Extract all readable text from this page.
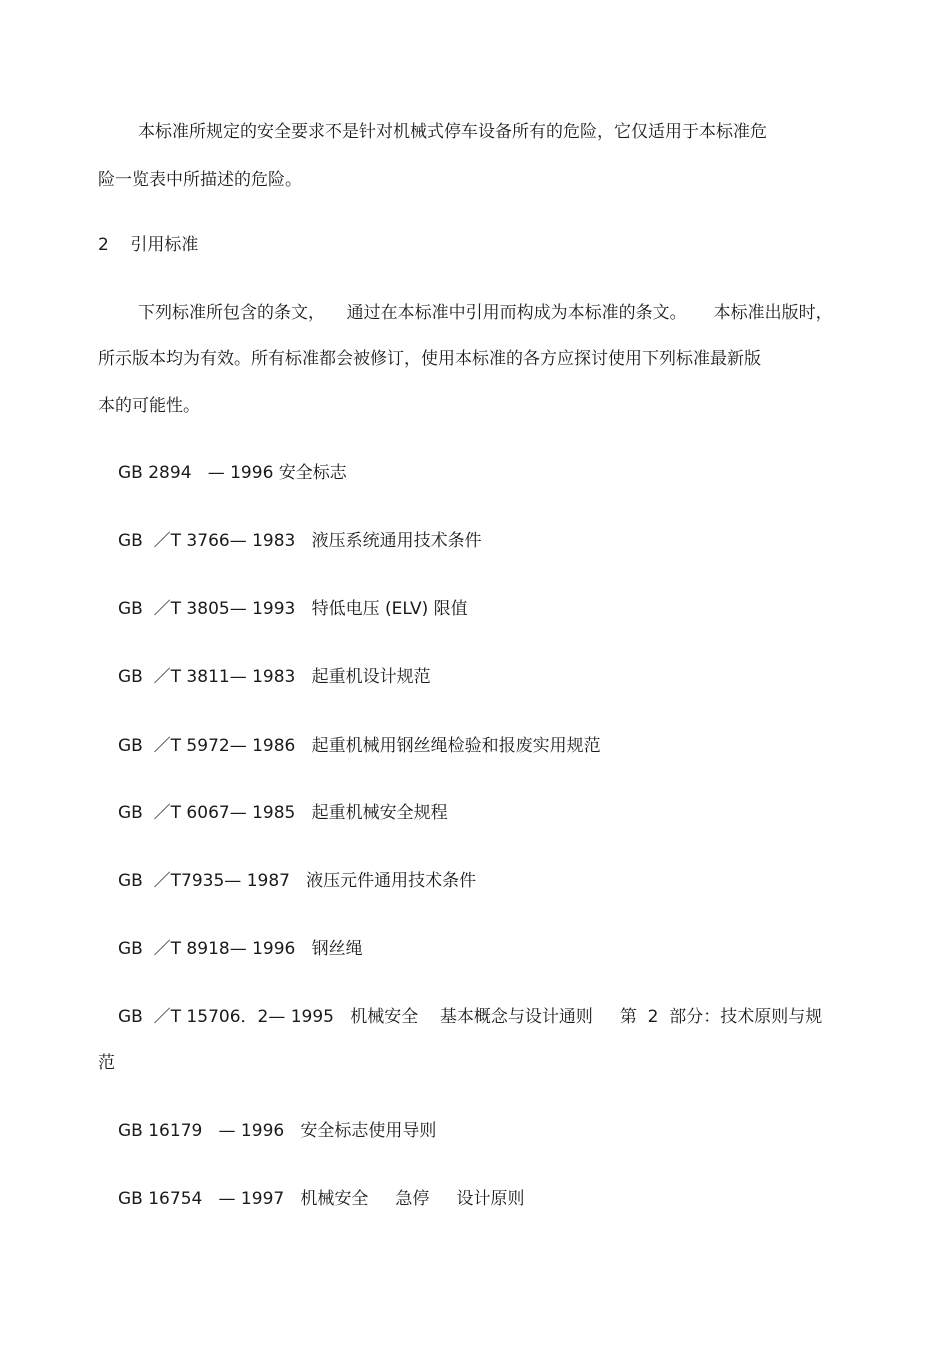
本标准所规定的安全要求不是针对机械式停车设备所有的危险，它仅适用于本标准危
险一览表中所描述的危险。
2    引用标准
下列标准所包含的条文，    通过在本标准中引用而构成为本标准的条文。     本标准出版时，
所示版本均为有效。所有标准都会被修订，使用本标准的各方应探讨使用下列标准最新版
本的可能性。
GB 2894   — 1996 安全标志
GB  ／T 3766— 1983   液压系统通用技术条件
GB  ／T 3805— 1993   特低电压 (ELV) 限值
GB  ／T 3811— 1983   起重机设计规范
GB  ／T 5972— 1986   起重机械用钢丝绳检验和报废实用规范
GB  ／T 6067— 1985   起重机械安全规程
GB  ／T7935— 1987   液压元件通用技术条件
GB  ／T 8918— 1996   钢丝绳
GB  ／T 15706．2— 1995   机械安全    基本概念与设计通则     第  2  部分：技术原则与规
范
GB 16179   — 1996   安全标志使用导则
GB 16754   — 1997   机械安全     急停     设计原则
